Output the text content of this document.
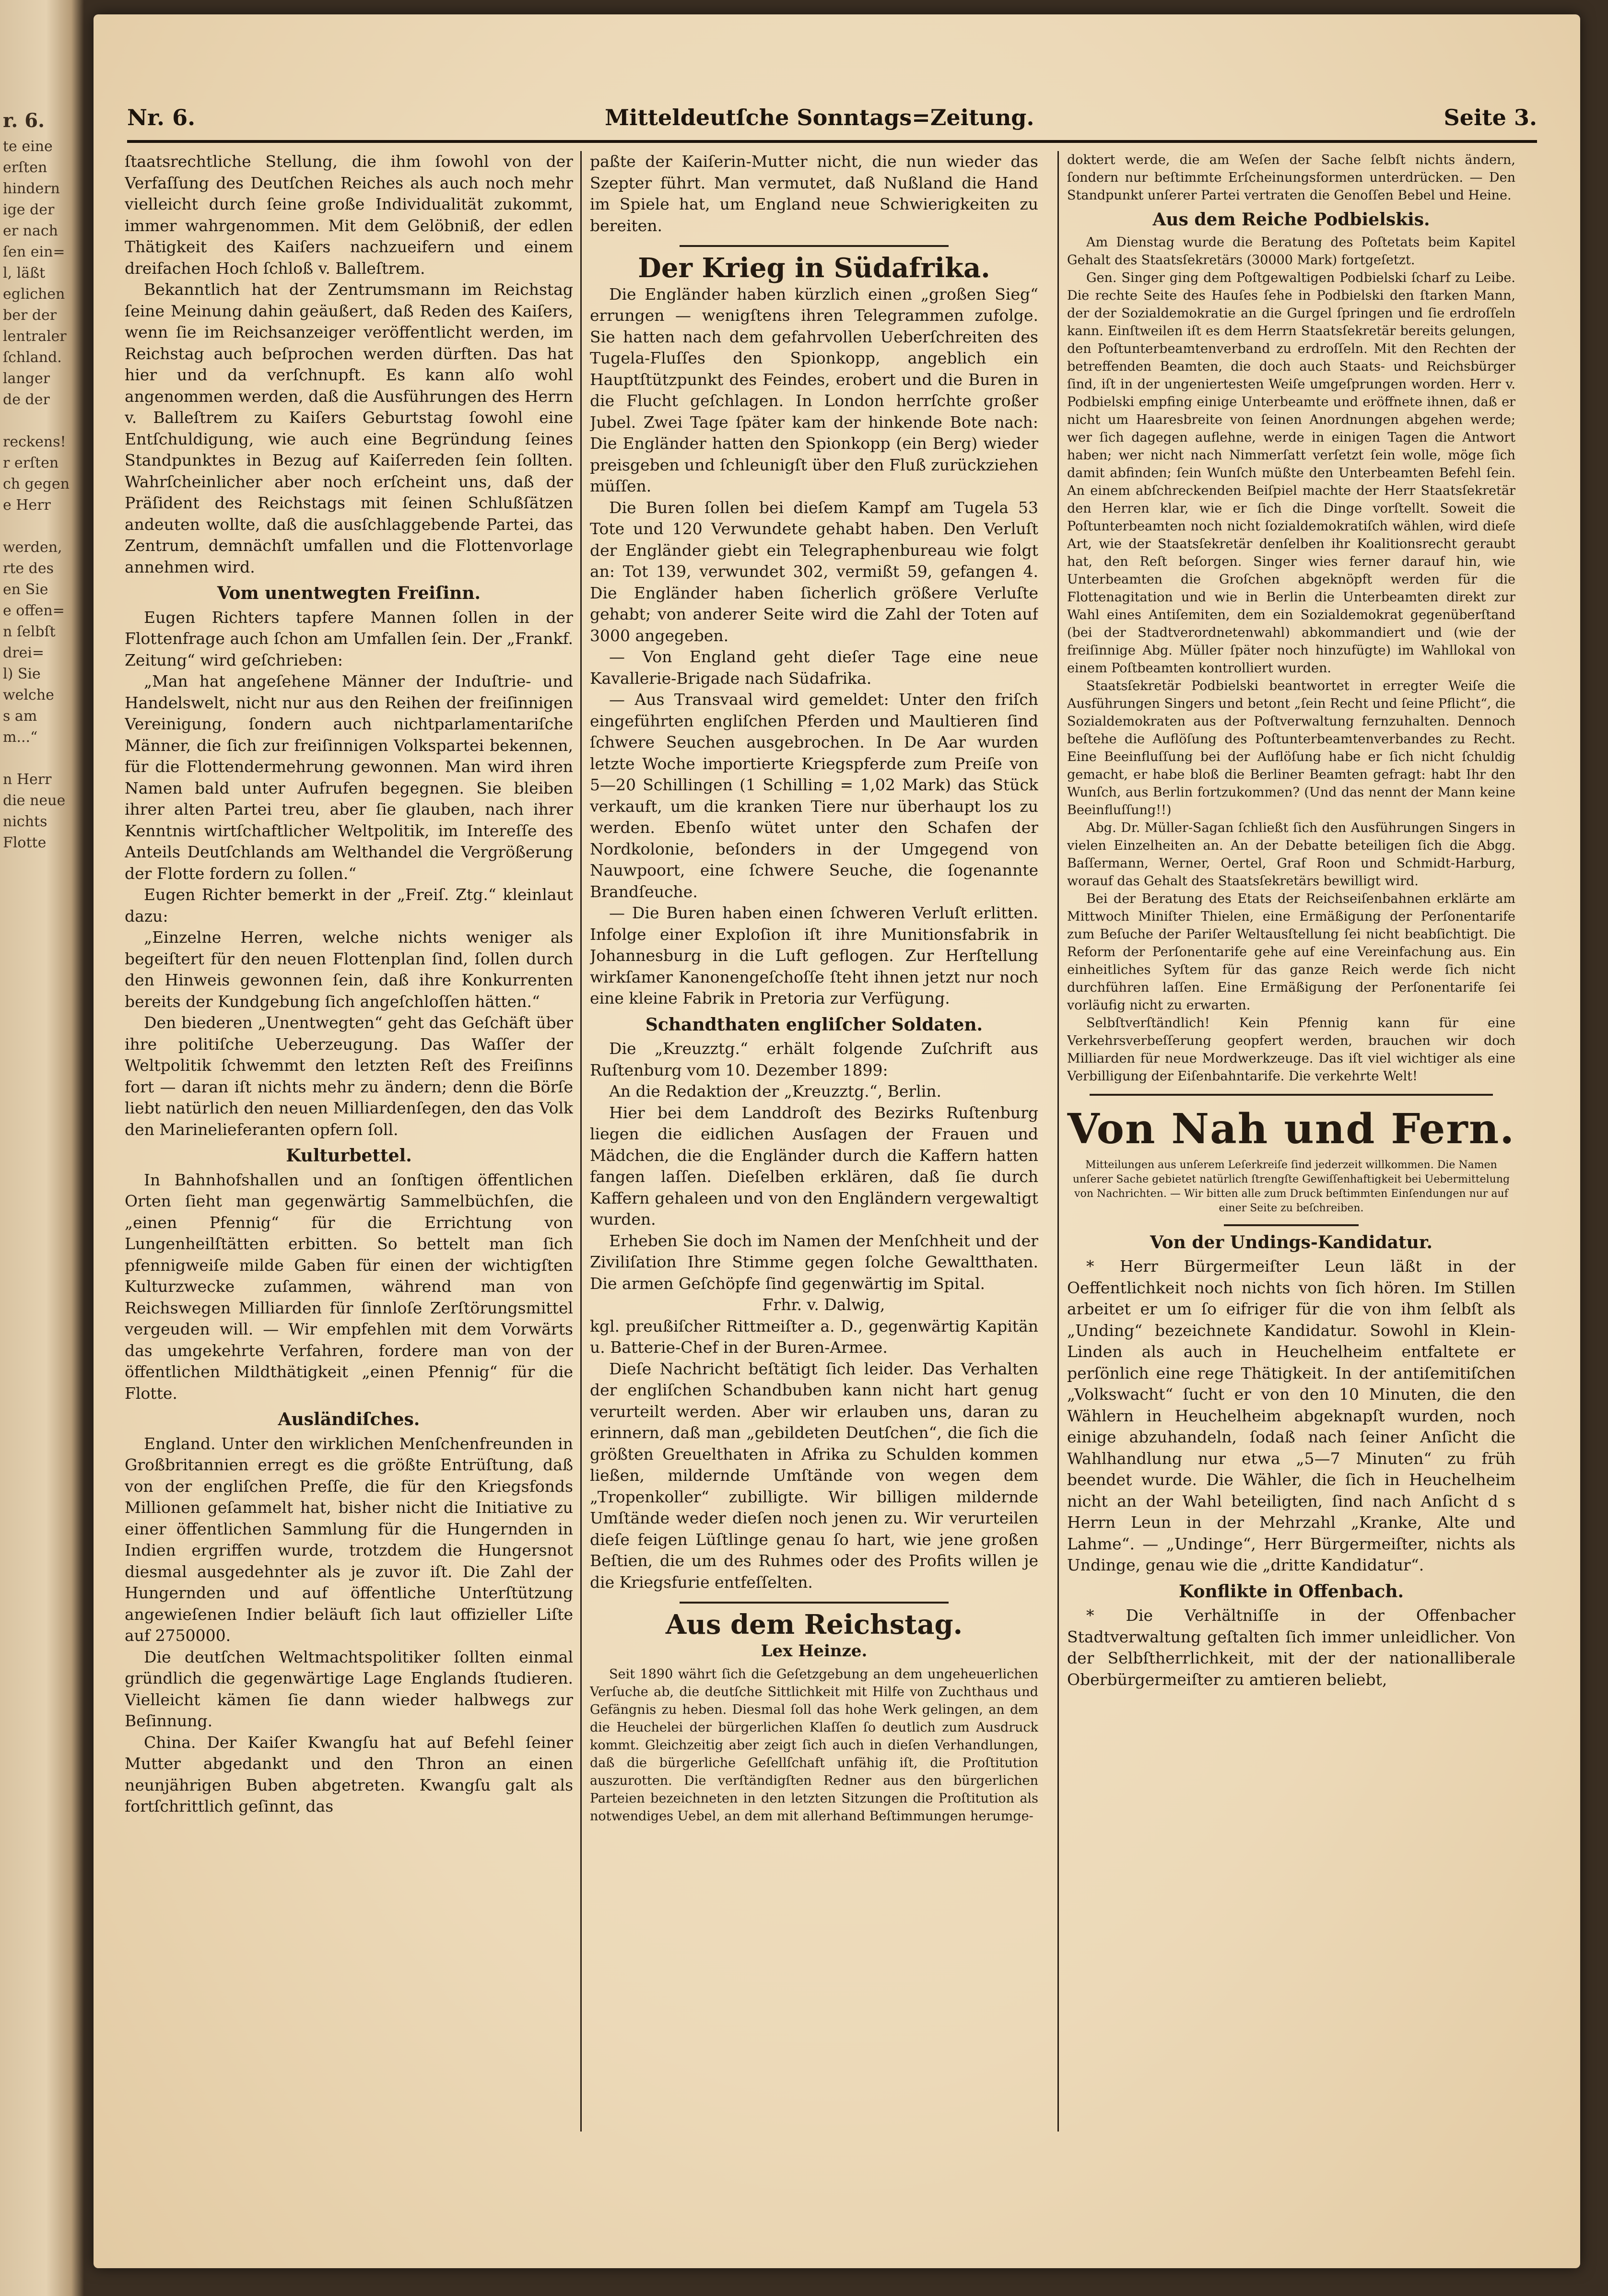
r. 6.
te eine
erſten
hindern
ige der
er nach
ſen ein=
l, läßt
eglichen
ber der
lentraler
ſchland.
langer
de der

reckens!
r erſten
ch gegen
e Herr

werden,
rte des
en Sie
e offen=
n ſelbſt
drei=
l) Sie
welche
s am
m...“

n Herr
die neue
nichts
Flotte
Nr. 6.	Mitteldeutſche Sonntags=Zeitung.	Seite 3.

ſtaatsrechtliche Stellung, die ihm ſowohl von der Verfaſſung des Deutſchen Reiches als auch noch mehr vielleicht durch ſeine große Individualität zukommt, immer wahrgenommen. Mit dem Gelöbniß, der edlen Thätigkeit des Kaiſers nachzueifern und einem dreifachen Hoch ſchloß v. Balleſtrem.

Bekanntlich hat der Zentrumsmann im Reichstag ſeine Meinung dahin geäußert, daß Reden des Kaiſers, wenn ſie im Reichsanzeiger veröffentlicht werden, im Reichstag auch beſprochen werden dürften. Das hat hier und da verſchnupft. Es kann alſo wohl angenommen werden, daß die Ausführungen des Herrn v. Balleſtrem zu Kaiſers Geburtstag ſowohl eine Entſchuldigung, wie auch eine Begründung ſeines Standpunktes in Bezug auf Kaiſerreden ſein ſollten. Wahrſcheinlicher aber noch erſcheint uns, daß der Präſident des Reichstags mit ſeinen Schlußſätzen andeuten wollte, daß die ausſchlaggebende Partei, das Zentrum, demnächſt umfallen und die Flottenvorlage annehmen wird.

Vom unentwegten Freiſinn.

Eugen Richters tapfere Mannen ſollen in der Flottenfrage auch ſchon am Umfallen ſein. Der „Frankf. Zeitung“ wird geſchrieben:

„Man hat angeſehene Männer der Induſtrie- und Handelswelt, nicht nur aus den Reihen der freiſinnigen Vereinigung, ſondern auch nichtparlamentariſche Männer, die ſich zur freiſinnigen Volkspartei bekennen, für die Flottendermehrung gewonnen. Man wird ihren Namen bald unter Aufrufen begegnen. Sie bleiben ihrer alten Partei treu, aber ſie glauben, nach ihrer Kenntnis wirtſchaftlicher Weltpolitik, im Intereſſe des Anteils Deutſchlands am Welthandel die Vergrößerung der Flotte fordern zu ſollen.“

Eugen Richter bemerkt in der „Freiſ. Ztg.“ kleinlaut dazu:

„Einzelne Herren, welche nichts weniger als begeiſtert für den neuen Flottenplan ſind, ſollen durch den Hinweis gewonnen ſein, daß ihre Konkurrenten bereits der Kundgebung ſich angeſchloſſen hätten.“

Den biederen „Unentwegten“ geht das Geſchäft über ihre politiſche Ueberzeugung. Das Waſſer der Weltpolitik ſchwemmt den letzten Reſt des Freiſinns fort — daran iſt nichts mehr zu ändern; denn die Börſe liebt natürlich den neuen Milliardenſegen, den das Volk den Marinelieferanten opfern ſoll.

Kulturbettel.

In Bahnhofshallen und an ſonſtigen öffentlichen Orten ſieht man gegenwärtig Sammelbüchſen, die „einen Pfennig“ für die Errichtung von Lungenheilſtätten erbitten. So bettelt man ſich pfennigweiſe milde Gaben für einen der wichtigſten Kulturzwecke zuſammen, während man von Reichswegen Milliarden für ſinnloſe Zerſtörungsmittel vergeuden will. — Wir empfehlen mit dem Vorwärts das umgekehrte Verfahren, fordere man von der öffentlichen Mildthätigkeit „einen Pfennig“ für die Flotte.

Ausländiſches.

England. Unter den wirklichen Menſchenfreunden in Großbritannien erregt es die größte Entrüſtung, daß von der engliſchen Preſſe, die für den Kriegsfonds Millionen geſammelt hat, bisher nicht die Initiative zu einer öffentlichen Sammlung für die Hungernden in Indien ergriffen wurde, trotzdem die Hungersnot diesmal ausgedehnter als je zuvor iſt. Die Zahl der Hungernden und auf öffentliche Unterſtützung angewieſenen Indier beläuft ſich laut offizieller Liſte auf 2750000.

Die deutſchen Weltmachtspolitiker ſollten einmal gründlich die gegenwärtige Lage Englands ſtudieren. Vielleicht kämen ſie dann wieder halbwegs zur Beſinnung.

China. Der Kaiſer Kwangſu hat auf Befehl ſeiner Mutter abgedankt und den Thron an einen neunjährigen Buben abgetreten. Kwangſu galt als fortſchrittlich geſinnt, das

paßte der Kaiſerin-Mutter nicht, die nun wieder das Szepter führt. Man vermutet, daß Nußland die Hand im Spiele hat, um England neue Schwierigkeiten zu bereiten.

Der Krieg in Südafrika.

Die Engländer haben kürzlich einen „großen Sieg“ errungen — wenigſtens ihren Telegrammen zufolge. Sie hatten nach dem gefahrvollen Ueberſchreiten des Tugela-Fluſſes den Spionkopp, angeblich ein Hauptſtützpunkt des Feindes, erobert und die Buren in die Flucht geſchlagen. In London herrſchte großer Jubel. Zwei Tage ſpäter kam der hinkende Bote nach: Die Engländer hatten den Spionkopp (ein Berg) wieder preisgeben und ſchleunigſt über den Fluß zurückziehen müſſen.

Die Buren ſollen bei dieſem Kampf am Tugela 53 Tote und 120 Verwundete gehabt haben. Den Verluſt der Engländer giebt ein Telegraphenbureau wie folgt an: Tot 139, verwundet 302, vermißt 59, gefangen 4. Die Engländer haben ſicherlich größere Verluſte gehabt; von anderer Seite wird die Zahl der Toten auf 3000 angegeben.

— Von England geht dieſer Tage eine neue Kavallerie-Brigade nach Südafrika.

— Aus Transvaal wird gemeldet: Unter den friſch eingeführten engliſchen Pferden und Maultieren ſind ſchwere Seuchen ausgebrochen. In De Aar wurden letzte Woche importierte Kriegspferde zum Preiſe von 5—20 Schillingen (1 Schilling = 1,02 Mark) das Stück verkauft, um die kranken Tiere nur überhaupt los zu werden. Ebenſo wütet unter den Schafen der Nordkolonie, beſonders in der Umgegend von Nauwpoort, eine ſchwere Seuche, die ſogenannte Brandſeuche.

— Die Buren haben einen ſchweren Verluſt erlitten. Infolge einer Exploſion iſt ihre Munitionsfabrik in Johannesburg in die Luft geflogen. Zur Herſtellung wirkſamer Kanonengeſchoſſe ſteht ihnen jetzt nur noch eine kleine Fabrik in Pretoria zur Verfügung.

Schandthaten engliſcher Soldaten.

Die „Kreuzztg.“ erhält folgende Zuſchrift aus Ruſtenburg vom 10. Dezember 1899:

An die Redaktion der „Kreuzztg.“, Berlin.

Hier bei dem Landdroſt des Bezirks Ruſtenburg liegen die eidlichen Ausſagen der Frauen und Mädchen, die die Engländer durch die Kaffern hatten fangen laſſen. Dieſelben erklären, daß ſie durch Kaffern gehaleen und von den Engländern vergewaltigt wurden.

Erheben Sie doch im Namen der Menſchheit und der Ziviliſation Ihre Stimme gegen ſolche Gewaltthaten. Die armen Geſchöpfe ſind gegenwärtig im Spital.

Frhr. v. Dalwig,

kgl. preußiſcher Rittmeiſter a. D., gegenwärtig Kapitän u. Batterie-Chef in der Buren-Armee.

Dieſe Nachricht beſtätigt ſich leider. Das Verhalten der engliſchen Schandbuben kann nicht hart genug verurteilt werden. Aber wir erlauben uns, daran zu erinnern, daß man „gebildeten Deutſchen“, die ſich die größten Greuelthaten in Afrika zu Schulden kommen ließen, mildernde Umſtände von wegen dem „Tropenkoller“ zubilligte. Wir billigen mildernde Umſtände weder dieſen noch jenen zu. Wir verurteilen dieſe feigen Lüſtlinge genau ſo hart, wie jene großen Beſtien, die um des Ruhmes oder des Profits willen je die Kriegsfurie entfeſſelten.

Aus dem Reichstag.
Lex Heinze.

Seit 1890 währt ſich die Geſetzgebung an dem ungeheuerlichen Verſuche ab, die deutſche Sittlichkeit mit Hilfe von Zuchthaus und Gefängnis zu heben. Diesmal ſoll das hohe Werk gelingen, an dem die Heuchelei der bürgerlichen Klaſſen ſo deutlich zum Ausdruck kommt. Gleichzeitig aber zeigt ſich auch in dieſen Verhandlungen, daß die bürgerliche Geſellſchaft unfähig iſt, die Proſtitution auszurotten. Die verſtändigſten Redner aus den bürgerlichen Parteien bezeichneten in den letzten Sitzungen die Proſtitution als notwendiges Uebel, an dem mit allerhand Beſtimmungen herumge-

doktert werde, die am Weſen der Sache ſelbſt nichts ändern, ſondern nur beſtimmte Erſcheinungsformen unterdrücken. — Den Standpunkt unſerer Partei vertraten die Genoſſen Bebel und Heine.

Aus dem Reiche Podbielskis.

Am Dienstag wurde die Beratung des Poſtetats beim Kapitel Gehalt des Staatsſekretärs (30000 Mark) fortgeſetzt.

Gen. Singer ging dem Poſtgewaltigen Podbielski ſcharf zu Leibe. Die rechte Seite des Hauſes ſehe in Podbielski den ſtarken Mann, der der Sozialdemokratie an die Gurgel ſpringen und ſie erdroſſeln kann. Einſtweilen iſt es dem Herrn Staatsſekretär bereits gelungen, den Poſtunterbeamtenverband zu erdroſſeln. Mit den Rechten der betreffenden Beamten, die doch auch Staats- und Reichsbürger ſind, iſt in der ungeniertesten Weiſe umgeſprungen worden. Herr v. Podbielski empfing einige Unterbeamte und eröffnete ihnen, daß er nicht um Haaresbreite von ſeinen Anordnungen abgehen werde; wer ſich dagegen auflehne, werde in einigen Tagen die Antwort haben; wer nicht nach Nimmerſatt verſetzt ſein wolle, möge ſich damit abfinden; ſein Wunſch müßte den Unterbeamten Befehl ſein. An einem abſchreckenden Beiſpiel machte der Herr Staatsſekretär den Herren klar, wie er ſich die Dinge vorſtellt. Soweit die Poſtunterbeamten noch nicht ſozialdemokratiſch wählen, wird dieſe Art, wie der Staatsſekretär denſelben ihr Koalitionsrecht geraubt hat, den Reſt beſorgen. Singer wies ferner darauf hin, wie Unterbeamten die Groſchen abgeknöpft werden für die Flottenagitation und wie in Berlin die Unterbeamten direkt zur Wahl eines Antiſemiten, dem ein Sozialdemokrat gegenüberſtand (bei der Stadtverordnetenwahl) abkommandiert und (wie der freiſinnige Abg. Müller ſpäter noch hinzufügte) im Wahllokal von einem Poſtbeamten kontrolliert wurden.

Staatsſekretär Podbielski beantwortet in erregter Weiſe die Ausführungen Singers und betont „ſein Recht und ſeine Pflicht“, die Sozialdemokraten aus der Poſtverwaltung fernzuhalten. Dennoch beſtehe die Auflöſung des Poſtunterbeamtenverbandes zu Recht. Eine Beeinfluſſung bei der Auflöſung habe er ſich nicht ſchuldig gemacht, er habe bloß die Berliner Beamten gefragt: habt Ihr den Wunſch, aus Berlin fortzukommen? (Und das nennt der Mann keine Beeinfluſſung!!)

Abg. Dr. Müller-Sagan ſchließt ſich den Ausführungen Singers in vielen Einzelheiten an. An der Debatte beteiligen ſich die Abgg. Baſſermann, Werner, Oertel, Graf Roon und Schmidt-Harburg, worauf das Gehalt des Staatsſekretärs bewilligt wird.

Bei der Beratung des Etats der Reichseiſenbahnen erklärte am Mittwoch Miniſter Thielen, eine Ermäßigung der Perſonentarife zum Beſuche der Pariſer Weltausſtellung ſei nicht beabſichtigt. Die Reform der Perſonentarife gehe auf eine Vereinfachung aus. Ein einheitliches Syſtem für das ganze Reich werde ſich nicht durchführen laſſen. Eine Ermäßigung der Perſonentarife ſei vorläufig nicht zu erwarten.

Selbſtverſtändlich! Kein Pfennig kann für eine Verkehrsverbeſſerung geopfert werden, brauchen wir doch Milliarden für neue Mordwerkzeuge. Das iſt viel wichtiger als eine Verbilligung der Eiſenbahntarife. Die verkehrte Welt!

Von Nah und Fern.

Mitteilungen aus unſerem Leſerkreiſe ſind jederzeit willkommen. Die Namen unſerer Sache gebietet natürlich ſtrengſte Gewiſſenhaftigkeit bei Uebermittelung von Nachrichten. — Wir bitten alle zum Druck beſtimmten Einſendungen nur auf einer Seite zu beſchreiben.

Von der Undings-Kandidatur.

* Herr Bürgermeiſter Leun läßt in der Oeffentlichkeit noch nichts von ſich hören. Im Stillen arbeitet er um ſo eifriger für die von ihm ſelbſt als „Unding“ bezeichnete Kandidatur. Sowohl in Klein-Linden als auch in Heuchelheim entfaltete er perſönlich eine rege Thätigkeit. In der antiſemitiſchen „Volkswacht“ ſucht er von den 10 Minuten, die den Wählern in Heuchelheim abgeknapſt wurden, noch einige abzuhandeln, ſodaß nach ſeiner Anſicht die Wahlhandlung nur etwa „5—7 Minuten“ zu früh beendet wurde. Die Wähler, die ſich in Heuchelheim nicht an der Wahl beteiligten, ſind nach Anſicht d s Herrn Leun in der Mehrzahl „Kranke, Alte und Lahme“. — „Undinge“, Herr Bürgermeiſter, nichts als Undinge, genau wie die „dritte Kandidatur“.

Konflikte in Offenbach.

* Die Verhältniſſe in der Offenbacher Stadtverwaltung geſtalten ſich immer unleidlicher. Von der Selbſtherrlichkeit, mit der der nationalliberale Oberbürgermeiſter zu amtieren beliebt,
